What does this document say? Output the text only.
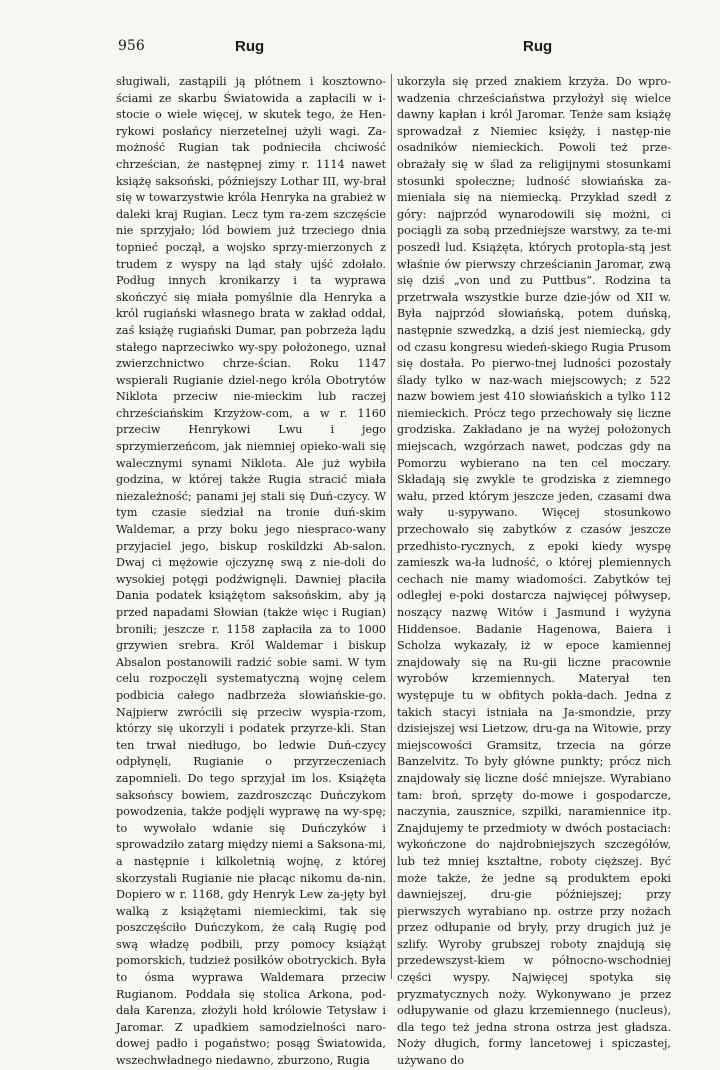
956	Rug	Rug

sługiwali, zastąpili ją płótnem i kosztowno-ściami ze skarbu Światowida a zapłacili w i-stocie o wiele więcej, w skutek tego, że Hen-rykowi posłańcy nierzetelnej użyli wagi. Za-możność Rugian tak podnieciła chciwość chrześcian, że następnej zimy r. 1114 nawet książę saksoński, późniejszy Lothar III, wy-brał się w towarzystwie króla Henryka na grabież w daleki kraj Rugian. Lecz tym ra-zem szczęście nie sprzyjało; lód bowiem już trzeciego dnia topnieć począł, a wojsko sprzy-mierzonych z trudem z wyspy na ląd stały ujść zdołało. Podług innych kronikarzy i ta wyprawa skończyć się miała pomyślnie dla Henryka a król rugiański własnego brata w zakład oddał, zaś książę rugiański Dumar, pan pobrzeża lądu stałego naprzeciwko wy-spy położonego, uznał zwierzchnictwo chrze-ścian. Roku 1147 wspierali Rugianie dziel-nego króla Obotrytów Niklota przeciw nie-mieckim lub raczej chrześciańskim Krzyżow-com, a w r. 1160 przeciw Henrykowi Lwu i jego sprzymierzeńcom, jak niemniej opieko-wali się walecznymi synami Niklota. Ale już wybiła godzina, w której także Rugia stracić miała niezależność; panami jej stali się Duń-czycy. W tym czasie siedział na tronie duń-skim Waldemar, a przy boku jego niespraco-wany przyjaciel jego, biskup roskildzki Ab-salon. Dwaj ci mężowie ojczyznę swą z nie-doli do wysokiej potęgi podźwignęli. Dawniej płaciła Dania podatek książętom saksońskim, aby ją przed napadami Słowian (także więc i Rugian) broniłi; jeszcze r. 1158 zapłaciła za to 1000 grzywien srebra. Król Waldemar i biskup Absalon postanowili radzić sobie sami. W tym celu rozpoczęli systematyczną wojnę celem podbicia całego nadbrzeża słowiańskie-go. Najpierw zwrócili się przeciw wyspia-rzom, którzy się ukorzyli i podatek przyrze-kli. Stan ten trwał niedługo, bo ledwie Duń-czycy odpłynęli, Rugianie o przyrzeczeniach zapomnieli. Do tego sprzyjał im los. Książęta saksońscy bowiem, zazdroszcząc Duńczykom powodzenia, także podjęli wyprawę na wy-spę; to wywołało wdanie się Duńczyków i sprowadziło zatarg między niemi a Saksona-mi, a następnie i kilkoletnią wojnę, z której skorzystali Rugianie nie płacąc nikomu da-nin. Dopiero w r. 1168, gdy Henryk Lew za-jęty był walką z książętami niemieckimi, tak się poszczęściło Duńczykom, że całą Rugię pod swą władzę podbili, przy pomocy książąt pomorskich, tudzież posiłków obotryckich. Była to ósma wyprawa Waldemara przeciw Rugianom. Poddała się stolica Arkona, pod-dała Karenza, złożyli hołd królowie Tetysław i Jaromar. Z upadkiem samodzielności naro-dowej padło i pogaństwo; posąg Światowida, wszechwładnego niedawno, zburzono, Rugia

ukorzyła się przed znakiem krzyża. Do wpro-wadzenia chrześciaństwa przyłożył się wielce dawny kapłan i król Jaromar. Tenże sam książę sprowadzał z Niemiec księży, i następ-nie osadników niemieckich. Powoli też prze-obrażały się w ślad za religijnymi stosunkami stosunki społeczne; ludność słowiańska za-mieniała się na niemiecką. Przykład szedł z góry: najprzód wynarodowili się możni, ci pociągli za sobą przedniejsze warstwy, za te-mi poszedł lud. Książęta, których protopla-stą jest właśnie ów pierwszy chrześcianin Jaromar, zwą się dziś „von und zu Puttbus“. Rodzina ta przetrwała wszystkie burze dzie-jów od XII w. Była najprzód słowiańską, potem duńską, następnie szwedzką, a dziś jest niemiecką, gdy od czasu kongresu wiedeń-skiego Rugia Prusom się dostała. Po pierwo-tnej ludności pozostały ślady tylko w naz-wach miejscowych; z 522 nazw bowiem jest 410 słowiańskich a tylko 112 niemieckich. Prócz tego przechowały się liczne grodziska. Zakładano je na wyżej położonych miejscach, wzgórzach nawet, podczas gdy na Pomorzu wybierano na ten cel moczary. Składają się zwykle te grodziska z ziemnego wału, przed którym jeszcze jeden, czasami dwa wały u-sypywano. Więcej stosunkowo przechowało się zabytków z czasów jeszcze przedhisto-rycznych, z epoki kiedy wyspę zamieszk wa-ła ludność, o której plemiennych cechach nie mamy wiadomości. Zabytków tej odległej e-poki dostarcza najwięcej półwysep, noszący nazwę Witów i Jasmund i wyżyna Hiddensoe. Badanie Hagenowa, Baiera i Scholza wykazały, iż w epoce kamiennej znajdowały się na Ru-gii liczne pracownie wyrobów krzemiennych. Materyał ten występuje tu w obfitych pokła-dach. Jedna z takich stacyi istniała na Ja-smondzie, przy dzisiejszej wsi Lietzow, dru-ga na Witowie, przy miejscowości Gramsitz, trzecia na górze Banzelvitz. To były główne punkty; prócz nich znajdowały się liczne dość mniejsze. Wyrabiano tam: broń, sprzęty do-mowe i gospodarcze, naczynia, zausznice, szpilki, naramiennice itp. Znajdujemy te przedmioty w dwóch postaciach: wykończone do najdrobniejszych szczegółów, lub też mniej kształtne, roboty cięższej. Być może także, że jedne są produktem epoki dawniejszej, dru-gie późniejszej; przy pierwszych wyrabiano np. ostrze przy nożach przez odłupanie od bryły, przy drugich już je szlify. Wyroby grubszej roboty znajdują się przedewszyst-kiem w północno-wschodniej części wyspy. Najwięcej spotyka się pryzmatycznych noży. Wykonywano je przez odłupywanie od głazu krzemiennego (nucleus), dla tego też jedna strona ostrza jest gładsza. Noży długich, formy lancetowej i spiczastej, używano do
